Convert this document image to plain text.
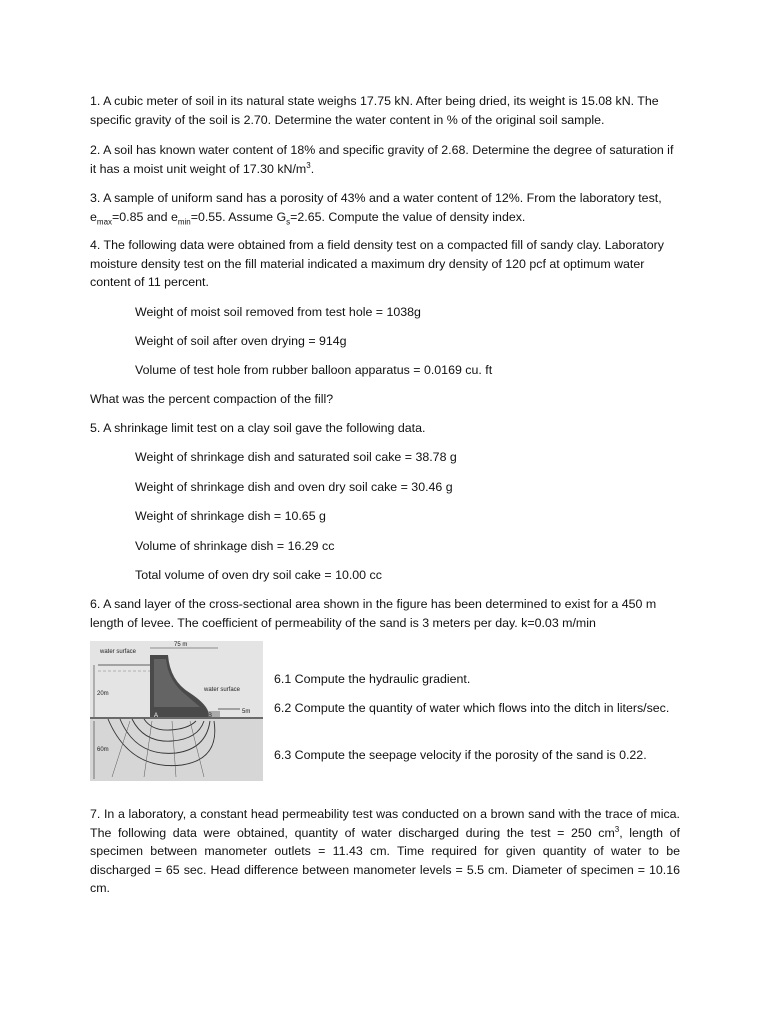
1. A cubic meter of soil in its natural state weighs 17.75 kN. After being dried, its weight is 15.08 kN. The specific gravity of the soil is 2.70. Determine the water content in % of the original soil sample.

2. A soil has known water content of 18% and specific gravity of 2.68. Determine the degree of saturation if it has a moist unit weight of 17.30 $kN/m^3$.

3. A sample of uniform sand has a porosity of 43% and a water content of 12%. From the laboratory test, $e_{max}=0.85$ and $e_{min}=0.55$. Assume $G_s=2.65$. Compute the value of density index.

4. The following data were obtained from a field density test on a compacted fill of sandy clay. Laboratory moisture density test on the fill material indicated a maximum dry density of 120 pcf at optimum water content of 11 percent.

Weight of moist soil removed from test hole = 1038g

Weight of soil after oven drying = 914g

Volume of test hole from rubber balloon apparatus = 0.0169 cu. ft

What was the percent compaction of the fill?

5. A shrinkage limit test on a clay soil gave the following data.

Weight of shrinkage dish and saturated soil cake = 38.78 g

Weight of shrinkage dish and oven dry soil cake = 30.46 g

Weight of shrinkage dish = 10.65 g

Volume of shrinkage dish = 16.29 cc

Total volume of oven dry soil cake = 10.00 cc

6. A sand layer of the cross-sectional area shown in the figure has been determined to exist for a 450 m length of levee. The coefficient of permeability of the sand is 3 meters per day. k=0.03 m/min

water surface
75 m
water surface
20m
5m
60m
A	B

6.1 Compute the hydraulic gradient.

6.2 Compute the quantity of water which flows into the ditch in liters/sec.

6.3 Compute the seepage velocity if the porosity of the sand is 0.22.

7. In a laboratory, a constant head permeability test was conducted on a brown sand with the trace of mica. The following data were obtained, quantity of water discharged during the test = 250 $cm^3$, length of specimen between manometer outlets = 11.43 cm. Time required for given quantity of water to be discharged = 65 sec. Head difference between manometer levels = 5.5 cm. Diameter of specimen = 10.16 cm.
